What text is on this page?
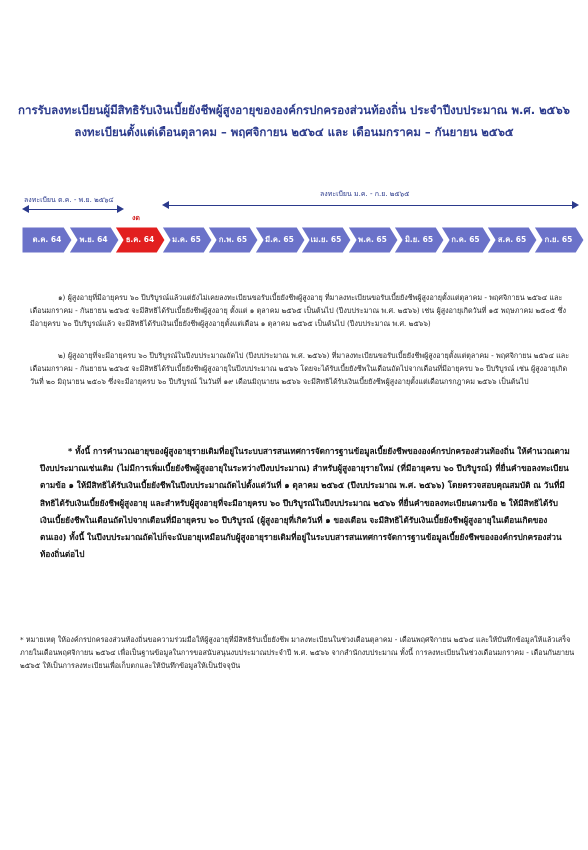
การรับลงทะเบียนผู้มีสิทธิรับเงินเบี้ยยังชีพผู้สูงอายุขององค์กรปกครองส่วนท้องถิ่น ประจำปีงบประมาณ พ.ศ. ๒๕๖๖
ลงทะเบียนตั้งแต่เดือนตุลาคม – พฤศจิกายน ๒๕๖๔ และ เดือนมกราคม – กันยายน ๒๕๖๕
ลงทะเบียน ต.ค. - พ.ย. ๒๕๖๔
ลงทะเบียน ม.ค. - ก.ย. ๒๕๖๕
งด
ต.ค. 64	พ.ย. 64	ธ.ค. 64	ม.ค. 65	ก.พ. 65	มี.ค. 65	เม.ย. 65	พ.ค. 65	มิ.ย. 65	ก.ค. 65	ส.ค. 65	ก.ย. 65
๑) ผู้สูงอายุที่มีอายุครบ ๖๐ ปีบริบูรณ์แล้วแต่ยังไม่เคยลงทะเบียนขอรับเบี้ยยังชีพผู้สูงอายุ ที่มาลงทะเบียนขอรับเบี้ยยังชีพผู้สูงอายุตั้งแต่ตุลาคม - พฤศจิกายน ๒๕๖๔ และเดือนมกราคม - กันยายน ๒๕๖๕ จะมีสิทธิได้รับเบี้ยยังชีพผู้สูงอายุ ตั้งแต่ ๑ ตุลาคม ๒๕๖๕ เป็นต้นไป (ปีงบประมาณ พ.ศ. ๒๕๖๖) เช่น ผู้สูงอายุเกิดวันที่ ๑๕ พฤษภาคม ๒๕๐๕ ซึ่งมีอายุครบ ๖๐ ปีบริบูรณ์แล้ว จะมีสิทธิได้รับเงินเบี้ยยังชีพผู้สูงอายุตั้งแต่เดือน ๑ ตุลาคม ๒๕๖๕ เป็นต้นไป (ปีงบประมาณ พ.ศ. ๒๕๖๖)
๒) ผู้สูงอายุที่จะมีอายุครบ ๖๐ ปีบริบูรณ์ในปีงบประมาณถัดไป (ปีงบประมาณ พ.ศ. ๒๕๖๖) ที่มาลงทะเบียนขอรับเบี้ยยังชีพผู้สูงอายุตั้งแต่ตุลาคม - พฤศจิกายน ๒๕๖๔ และเดือนมกราคม - กันยายน ๒๕๖๕ จะมีสิทธิได้รับเบี้ยยังชีพผู้สูงอายุในปีงบประมาณ ๒๕๖๖ โดยจะได้รับเบี้ยยังชีพในเดือนถัดไปจากเดือนที่มีอายุครบ ๖๐ ปีบริบูรณ์ เช่น ผู้สูงอายุเกิดวันที่ ๒๐ มิถุนายน ๒๕๐๖ ซึ่งจะมีอายุครบ ๖๐ ปีบริบูรณ์ ในวันที่ ๑๙ เดือนมิถุนายน ๒๕๖๖ จะมีสิทธิได้รับเงินเบี้ยยังชีพผู้สูงอายุตั้งแต่เดือนกรกฎาคม ๒๕๖๖ เป็นต้นไป
* ทั้งนี้ การคำนวณอายุของผู้สูงอายุรายเดิมที่อยู่ในระบบสารสนเทศการจัดการฐานข้อมูลเบี้ยยังชีพขององค์กรปกครองส่วนท้องถิ่น ให้คำนวณตามปีงบประมาณเช่นเดิม (ไม่มีการเพิ่มเบี้ยยังชีพผู้สูงอายุในระหว่างปีงบประมาณ) สำหรับผู้สูงอายุรายใหม่ (ที่มีอายุครบ ๖๐ ปีบริบูรณ์) ที่ยื่นคำขอลงทะเบียนตามข้อ ๑ ให้มีสิทธิได้รับเงินเบี้ยยังชีพในปีงบประมาณถัดไปตั้งแต่วันที่ ๑ ตุลาคม ๒๕๖๕ (ปีงบประมาณ พ.ศ. ๒๕๖๖) โดยตรวจสอบคุณสมบัติ ณ วันที่มีสิทธิได้รับเงินเบี้ยยังชีพผู้สูงอายุ และสำหรับผู้สูงอายุที่จะมีอายุครบ ๖๐ ปีบริบูรณ์ในปีงบประมาณ ๒๕๖๖ ที่ยื่นคำขอลงทะเบียนตามข้อ ๒ ให้มีสิทธิได้รับเงินเบี้ยยังชีพในเดือนถัดไปจากเดือนที่มีอายุครบ ๖๐ ปีบริบูรณ์ (ผู้สูงอายุที่เกิดวันที่ ๑ ของเดือน จะมีสิทธิได้รับเงินเบี้ยยังชีพผู้สูงอายุในเดือนเกิดของตนเอง) ทั้งนี้ ในปีงบประมาณถัดไปก็จะนับอายุเหมือนกับผู้สูงอายุรายเดิมที่อยู่ในระบบสารสนเทศการจัดการฐานข้อมูลเบี้ยยังชีพขององค์กรปกครองส่วนท้องถิ่นต่อไป
* หมายเหตุ ให้องค์กรปกครองส่วนท้องถิ่นขอความร่วมมือให้ผู้สูงอายุที่มีสิทธิรับเบี้ยยังชีพ มาลงทะเบียนในช่วงเดือนตุลาคม - เดือนพฤศจิกายน ๒๕๖๔ และให้บันทึกข้อมูลให้แล้วเสร็จภายในเดือนพฤศจิกายน ๒๕๖๔ เพื่อเป็นฐานข้อมูลในการขอสนับสนุนงบประมาณประจำปี พ.ศ. ๒๕๖๖ จากสำนักงบประมาณ ทั้งนี้ การลงทะเบียนในช่วงเดือนมกราคม - เดือนกันยายน ๒๕๖๕ ให้เป็นการลงทะเบียนเพื่อเก็บตกและให้บันทึกข้อมูลให้เป็นปัจจุบัน
